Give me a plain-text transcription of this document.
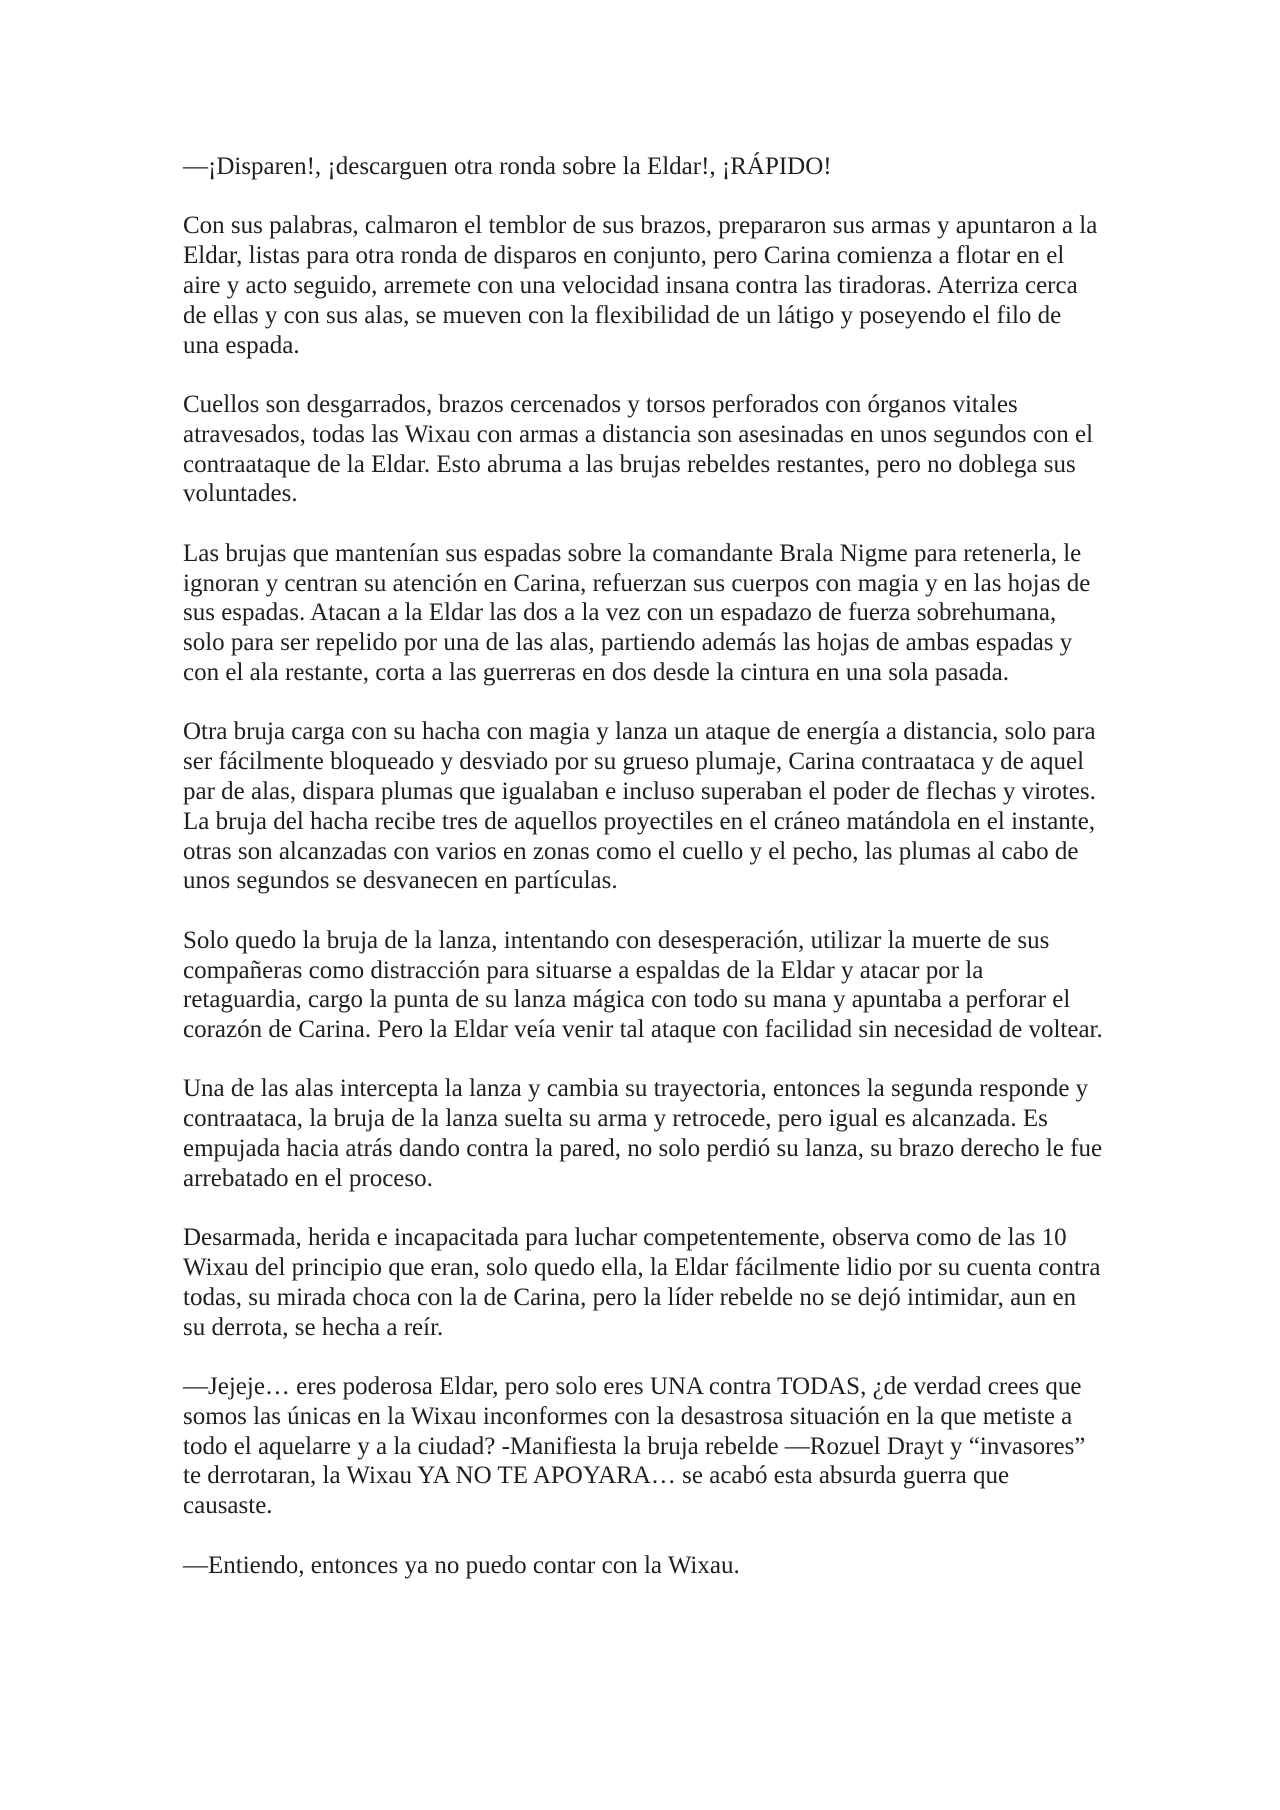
—¡Disparen!, ¡descarguen otra ronda sobre la Eldar!, ¡RÁPIDO!

Con sus palabras, calmaron el temblor de sus brazos, prepararon sus armas y apuntaron a la Eldar, listas para otra ronda de disparos en conjunto, pero Carina comienza a flotar en el aire y acto seguido, arremete con una velocidad insana contra las tiradoras. Aterriza cerca de ellas y con sus alas, se mueven con la flexibilidad de un látigo y poseyendo el filo de una espada.

Cuellos son desgarrados, brazos cercenados y torsos perforados con órganos vitales atravesados, todas las Wixau con armas a distancia son asesinadas en unos segundos con el contraataque de la Eldar. Esto abruma a las brujas rebeldes restantes, pero no doblega sus voluntades.

Las brujas que mantenían sus espadas sobre la comandante Brala Nigme para retenerla, le ignoran y centran su atención en Carina, refuerzan sus cuerpos con magia y en las hojas de sus espadas. Atacan a la Eldar las dos a la vez con un espadazo de fuerza sobrehumana, solo para ser repelido por una de las alas, partiendo además las hojas de ambas espadas y con el ala restante, corta a las guerreras en dos desde la cintura en una sola pasada.

Otra bruja carga con su hacha con magia y lanza un ataque de energía a distancia, solo para ser fácilmente bloqueado y desviado por su grueso plumaje, Carina contraataca y de aquel par de alas, dispara plumas que igualaban e incluso superaban el poder de flechas y virotes. La bruja del hacha recibe tres de aquellos proyectiles en el cráneo matándola en el instante, otras son alcanzadas con varios en zonas como el cuello y el pecho, las plumas al cabo de unos segundos se desvanecen en partículas.

Solo quedo la bruja de la lanza, intentando con desesperación, utilizar la muerte de sus compañeras como distracción para situarse a espaldas de la Eldar y atacar por la retaguardia, cargo la punta de su lanza mágica con todo su mana y apuntaba a perforar el corazón de Carina. Pero la Eldar veía venir tal ataque con facilidad sin necesidad de voltear.

Una de las alas intercepta la lanza y cambia su trayectoria, entonces la segunda responde y contraataca, la bruja de la lanza suelta su arma y retrocede, pero igual es alcanzada. Es empujada hacia atrás dando contra la pared, no solo perdió su lanza, su brazo derecho le fue arrebatado en el proceso.

Desarmada, herida e incapacitada para luchar competentemente, observa como de las 10 Wixau del principio que eran, solo quedo ella, la Eldar fácilmente lidio por su cuenta contra todas, su mirada choca con la de Carina, pero la líder rebelde no se dejó intimidar, aun en su derrota, se hecha a reír.

—Jejeje… eres poderosa Eldar, pero solo eres UNA contra TODAS, ¿de verdad crees que somos las únicas en la Wixau inconformes con la desastrosa situación en la que metiste a todo el aquelarre y a la ciudad? -Manifiesta la bruja rebelde —Rozuel Drayt y “invasores” te derrotaran, la Wixau YA NO TE APOYARA… se acabó esta absurda guerra que causaste.

—Entiendo, entonces ya no puedo contar con la Wixau.
